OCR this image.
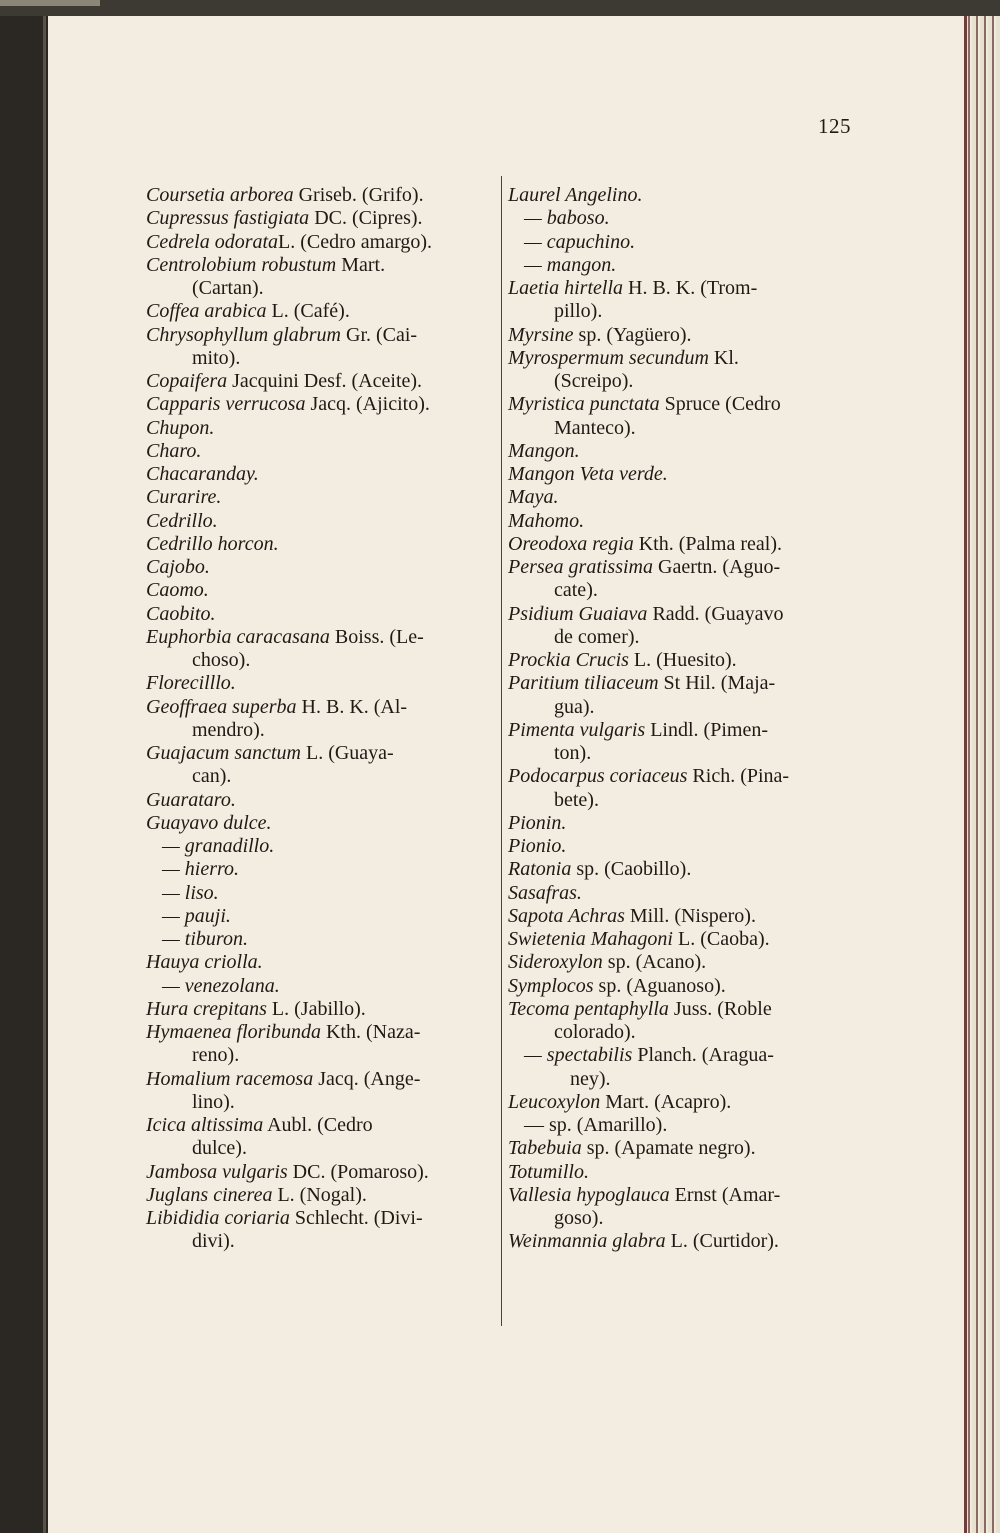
125

Coursetia arborea Griseb. (Grifo).

Cupressus fastigiata DC. (Cipres).

Cedrela odorataL. (Cedro amargo).

Centrolobium robustum Mart.
(Cartan).

Coffea arabica L. (Café).

Chrysophyllum glabrum Gr. (Cai-
mito).

Copaifera Jacquini Desf. (Aceite).

Capparis verrucosa Jacq. (Ajicito).

Chupon.

Charo.

Chacaranday.

Curarire.

Cedrillo.

Cedrillo horcon.

Cajobo.

Caomo.

Caobito.

Euphorbia caracasana Boiss. (Le-
choso).

Florecilllo.

Geoffraea superba H. B. K. (Al-
mendro).

Guajacum sanctum L. (Guaya-
can).

Guaratаro.

Guayavo dulce.

— granadillo.

— hierro.

— liso.

— pauji.

— tiburon.

Hauya criolla.

— venezolana.

Hura crepitans L. (Jabillo).

Hymaenea floribunda Kth. (Naza-
reno).

Homalium racemosa Jacq. (Ange-
lino).

Icica altissima Aubl. (Cedro
dulce).

Jambosa vulgaris DC. (Pomaroso).

Juglans cinerea L. (Nogal).

Libididia coriaria Schlecht. (Divi-
divi).

Laurel Angelino.

— baboso.

— capuchino.

— mangon.

Laetia hirtella H. B. K. (Trom-
pillo).

Myrsine sp. (Yagüero).

Myrospermum secundum Kl.
(Screipo).

Myristica punctata Spruce (Cedro
Manteco).

Mangon.

Mangon Veta verde.

Maya.

Mahomo.

Oreodoxa regia Kth. (Palma real).

Persea gratissima Gaertn. (Aguo-
cate).

Psidium Guaiava Radd. (Guayavo
de comer).

Prockia Crucis L. (Huesito).

Paritium tiliaceum St Hil. (Maja-
gua).

Pimenta vulgaris Lindl. (Pimen-
ton).

Podocarpus coriaceus Rich. (Pina-
bete).

Pionin.

Pionio.

Ratonia sp. (Caobillo).

Sasafras.

Sapota Achras Mill. (Nispero).

Swietenia Mahagoni L. (Caoba).

Sideroxylon sp. (Acano).

Symplocos sp. (Aguanoso).

Tecoma pentaphylla Juss. (Roble
colorado).

— spectabilis Planch. (Aragua-
ney).

Leucoxylon Mart. (Acapro).

— sp. (Amarillo).

Tabebuia sp. (Apamate negro).

Totumillo.

Vallesia hypoglauca Ernst (Amar-
goso).

Weinmannia glabra L. (Curtidor).
